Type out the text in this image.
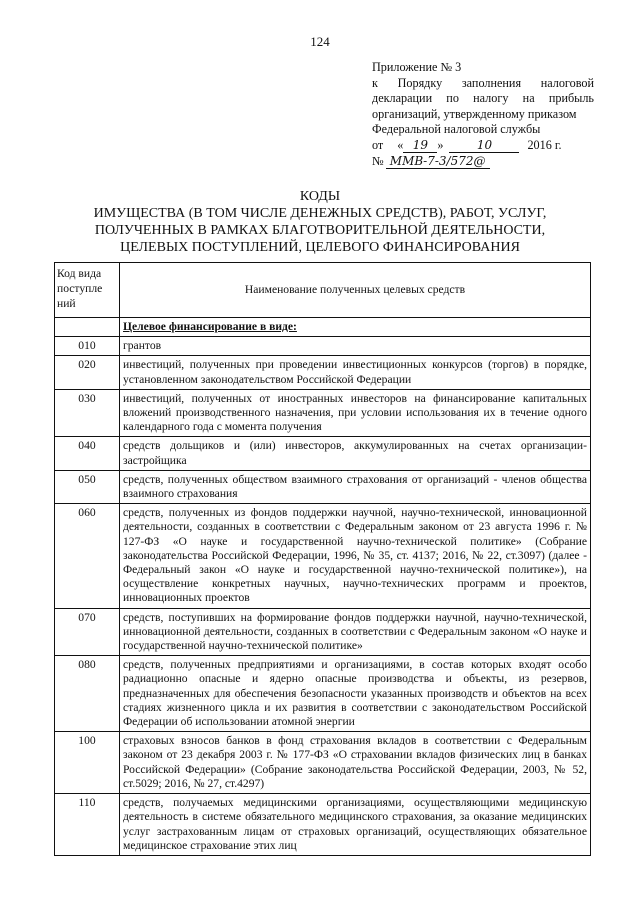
124
Приложение № 3
к Порядку заполнения налоговой
декларации по налогу на прибыль
организаций, утвержденному приказом
Федеральной налоговой службы
от « 19 »	10	2016 г.
№ ММВ-7-3/572@
КОДЫ
ИМУЩЕСТВА (В ТОМ ЧИСЛЕ ДЕНЕЖНЫХ СРЕДСТВ), РАБОТ, УСЛУГ,
ПОЛУЧЕННЫХ В РАМКАХ БЛАГОТВОРИТЕЛЬНОЙ ДЕЯТЕЛЬНОСТИ,
ЦЕЛЕВЫХ ПОСТУПЛЕНИЙ, ЦЕЛЕВОГО ФИНАНСИРОВАНИЯ
Код вида
поступле
ний	Наименование полученных целевых средств
	Целевое финансирование в виде:
010	грантов
020	инвестиций, полученных при проведении инвестиционных конкурсов (торгов) в порядке, установленном законодательством Российской Федерации
030	инвестиций, полученных от иностранных инвесторов на финансирование капитальных вложений производственного назначения, при условии использования их в течение одного календарного года с момента получения
040	средств дольщиков и (или) инвесторов, аккумулированных на счетах организации-застройщика
050	средств, полученных обществом взаимного страхования от организаций - членов общества взаимного страхования
060	средств, полученных из фондов поддержки научной, научно-технической, инновационной деятельности, созданных в соответствии с Федеральным законом от 23 августа 1996 г. № 127-ФЗ «О науке и государственной научно-технической политике» (Собрание законодательства Российской Федерации, 1996, № 35, ст. 4137; 2016, № 22, ст.3097) (далее - Федеральный закон «О науке и государственной научно-технической политике»), на осуществление конкретных научных, научно-технических программ и проектов, инновационных проектов
070	средств, поступивших на формирование фондов поддержки научной, научно-технической, инновационной деятельности, созданных в соответствии с Федеральным законом «О науке и государственной научно-технической политике»
080	средств, полученных предприятиями и организациями, в состав которых входят особо радиационно опасные и ядерно опасные производства и объекты, из резервов, предназначенных для обеспечения безопасности указанных производств и объектов на всех стадиях жизненного цикла и их развития в соответствии с законодательством Российской Федерации об использовании атомной энергии
100	страховых взносов банков в фонд страхования вкладов в соответствии с Федеральным законом от 23 декабря 2003 г. № 177-ФЗ «О страховании вкладов физических лиц в банках Российской Федерации» (Собрание законодательства Российской Федерации, 2003, № 52, ст.5029; 2016, № 27, ст.4297)
110	средств, получаемых медицинскими организациями, осуществляющими медицинскую деятельность в системе обязательного медицинского страхования, за оказание медицинских услуг застрахованным лицам от страховых организаций, осуществляющих обязательное медицинское страхование этих лиц
